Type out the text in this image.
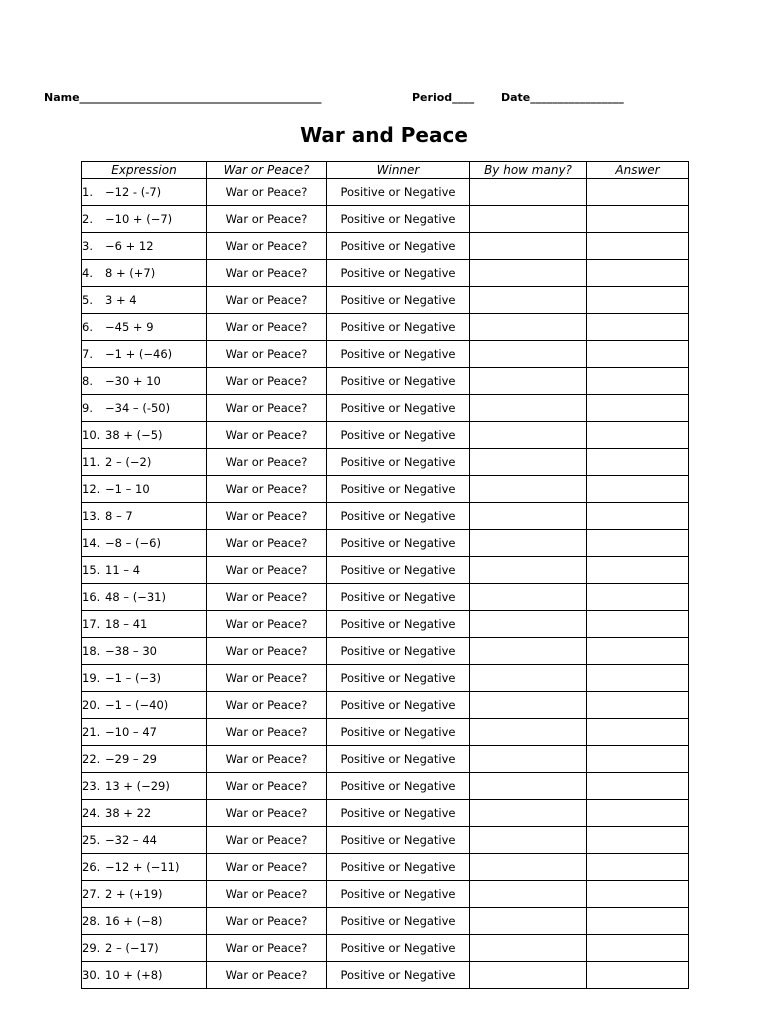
Name____________________________________________	Period____ Date_________________
War and Peace
Expression	War or Peace?	Winner	By how many?	Answer
1. −12 - (-7)	War or Peace?	Positive or Negative		
2. −10 + (−7)	War or Peace?	Positive or Negative		
3. −6 + 12	War or Peace?	Positive or Negative		
4. 8 + (+7)	War or Peace?	Positive or Negative		
5. 3 + 4	War or Peace?	Positive or Negative		
6. −45 + 9	War or Peace?	Positive or Negative		
7. −1 + (−46)	War or Peace?	Positive or Negative		
8. −30 + 10	War or Peace?	Positive or Negative		
9. −34 – (-50)	War or Peace?	Positive or Negative		
10. 38 + (−5)	War or Peace?	Positive or Negative		
11. 2 – (−2)	War or Peace?	Positive or Negative		
12. −1 – 10	War or Peace?	Positive or Negative		
13. 8 – 7	War or Peace?	Positive or Negative		
14. −8 – (−6)	War or Peace?	Positive or Negative		
15. 11 – 4	War or Peace?	Positive or Negative		
16. 48 – (−31)	War or Peace?	Positive or Negative		
17. 18 – 41	War or Peace?	Positive or Negative		
18. −38 – 30	War or Peace?	Positive or Negative		
19. −1 – (−3)	War or Peace?	Positive or Negative		
20. −1 – (−40)	War or Peace?	Positive or Negative		
21. −10 – 47	War or Peace?	Positive or Negative		
22. −29 – 29	War or Peace?	Positive or Negative		
23. 13 + (−29)	War or Peace?	Positive or Negative		
24. 38 + 22	War or Peace?	Positive or Negative		
25. −32 – 44	War or Peace?	Positive or Negative		
26. −12 + (−11)	War or Peace?	Positive or Negative		
27. 2 + (+19)	War or Peace?	Positive or Negative		
28. 16 + (−8)	War or Peace?	Positive or Negative		
29. 2 – (−17)	War or Peace?	Positive or Negative		
30. 10 + (+8)	War or Peace?	Positive or Negative		
